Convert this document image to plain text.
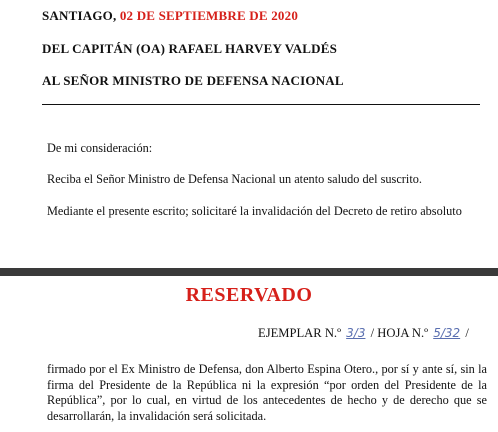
SANTIAGO, 02 DE SEPTIEMBRE DE 2020
DEL CAPITÁN (OA) RAFAEL HARVEY VALDÉS
AL SEÑOR MINISTRO DE DEFENSA NACIONAL
De mi consideración:
Reciba el Señor Ministro de Defensa Nacional un atento saludo del suscrito.
Mediante el presente escrito; solicitaré la invalidación del Decreto de retiro absoluto
RESERVADO
EJEMPLAR N.º 3/3 / HOJA N.º 5/32 /
firmado por el Ex Ministro de Defensa, don Alberto Espina Otero., por sí y ante sí, sin la firma del Presidente de la República ni la expresión “por orden del Presidente de la República”, por lo cual, en virtud de los antecedentes de hecho y de derecho que se desarrollarán, la invalidación será solicitada.
